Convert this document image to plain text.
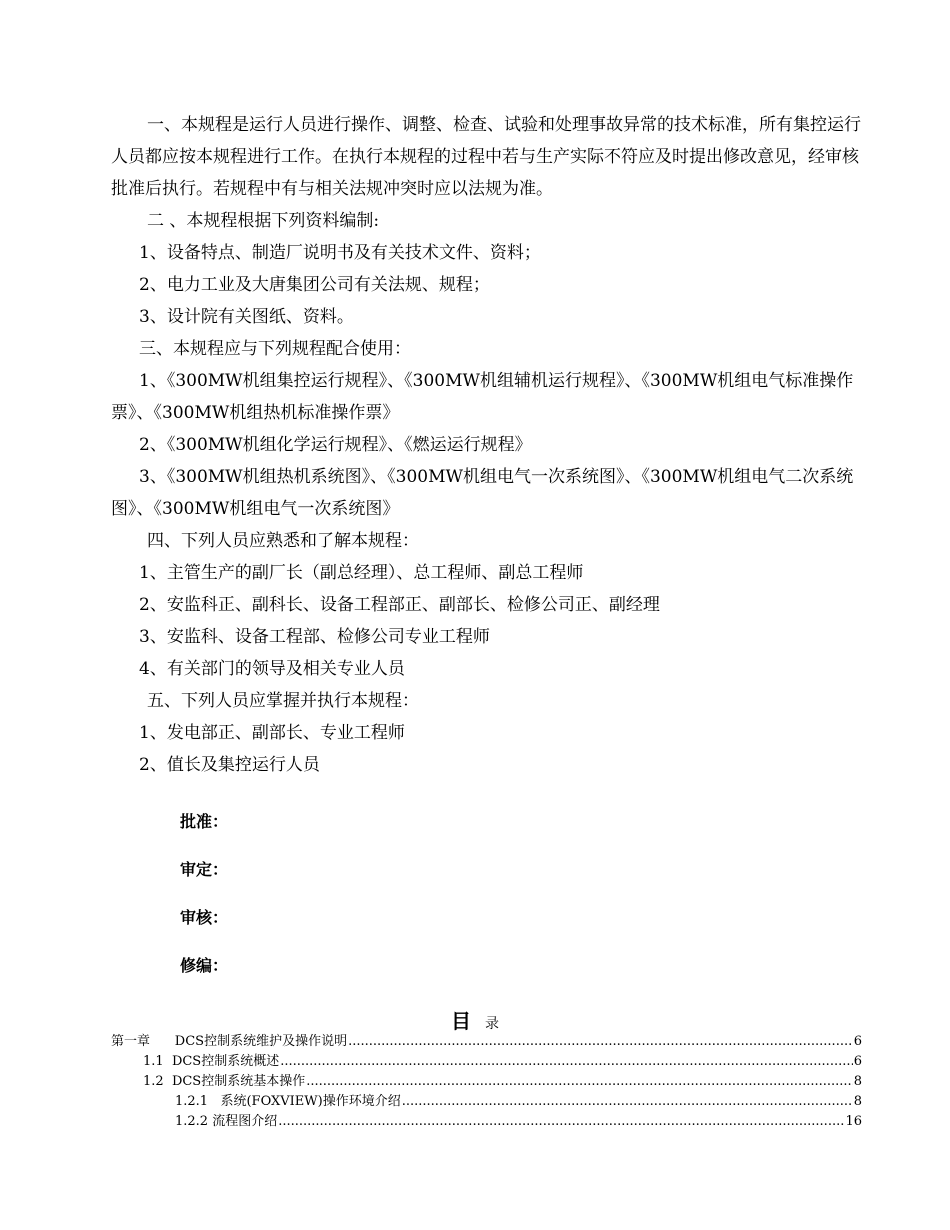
一、本规程是运行人员进行操作、调整、检查、试验和处理事故异常的技术标准，所有集控运行人员都应按本规程进行工作。在执行本规程的过程中若与生产实际不符应及时提出修改意见，经审核批准后执行。若规程中有与相关法规冲突时应以法规为准。

二 、本规程根据下列资料编制:

1、设备特点、制造厂说明书及有关技术文件、资料；

2、电力工业及大唐集团公司有关法规、规程；

3、设计院有关图纸、资料。

三、本规程应与下列规程配合使用：

1、《300MW机组集控运行规程》、《300MW机组辅机运行规程》、《300MW机组电气标准操作票》、《300MW机组热机标准操作票》

2、《300MW机组化学运行规程》、《燃运运行规程》

3、《300MW机组热机系统图》、《300MW机组电气一次系统图》、《300MW机组电气二次系统图》、《300MW机组电气一次系统图》

四、下列人员应熟悉和了解本规程：

1、主管生产的副厂长（副总经理）、总工程师、副总工程师

2、安监科正、副科长、设备工程部正、副部长、检修公司正、副经理

3、安监科、设备工程部、检修公司专业工程师

4、有关部门的领导及相关专业人员

五、下列人员应掌握并执行本规程：

1、发电部正、副部长、专业工程师

2、值长及集控运行人员

批准：
审定：
审核：
修编：
目 录
第一章      DCS控制系统维护及操作说明 .....	6
1.1  DCS控制系统概述 .....	6
1.2  DCS控制系统基本操作 .....	8
1.2.1   系统(FOXVIEW)操作环境介绍 .....	8
1.2.2 流程图介绍 .....	16
